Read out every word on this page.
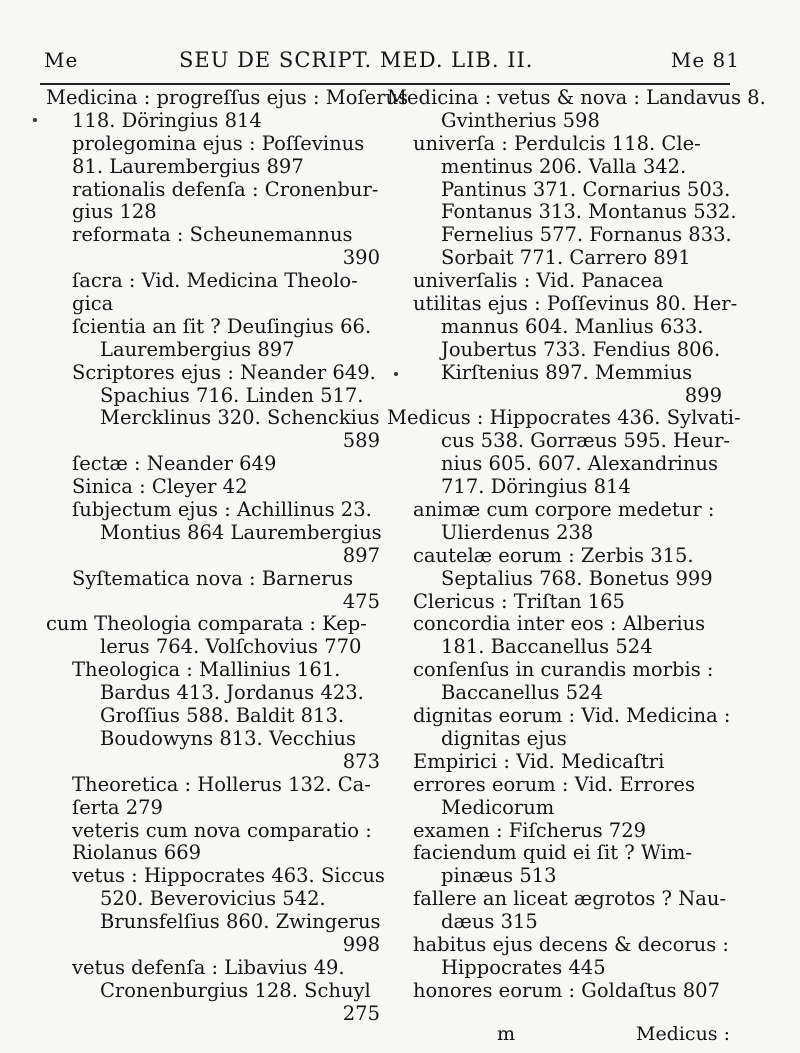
Me	SEU DE SCRIPT. MED. LIB. II.	Me 81
Medicina : progreſſus ejus : Moſerus
118. Döringius 814
prolegomina ejus : Poſſevinus
81. Laurembergius 897
rationalis defenſa : Cronenbur-
gius 128
reformata : Scheunemannus
390
ſacra : Vid. Medicina Theolo-
gica
ſcientia an ſit ? Deuſingius 66.
Laurembergius 897
Scriptores ejus : Neander 649.
Spachius 716. Linden 517.
Mercklinus 320. Schenckius
589
ſectæ : Neander 649
Sinica : Cleyer 42
ſubjectum ejus : Achillinus 23.
Montius 864 Laurembergius
897
Syſtematica nova : Barnerus
475
cum Theologia comparata : Kep-
lerus 764. Volſchovius 770
Theologica : Mallinius 161.
Bardus 413. Jordanus 423.
Groſſius 588. Baldit 813.
Boudowyns 813. Vecchius
873
Theoretica : Hollerus 132. Ca-
ſerta 279
veteris cum nova comparatio :
Riolanus 669
vetus : Hippocrates 463. Siccus
520. Beverovicius 542.
Brunsfelſius 860. Zwingerus
998
vetus defenſa : Libavius 49.
Cronenburgius 128. Schuyl
275
Medicina : vetus & nova : Landavus 8.
Gvintherius 598
univerſa : Perdulcis 118. Cle-
mentinus 206. Valla 342.
Pantinus 371. Cornarius 503.
Fontanus 313. Montanus 532.
Fernelius 577. Fornanus 833.
Sorbait 771. Carrero 891
univerſalis : Vid. Panacea
utilitas ejus : Poſſevinus 80. Her-
mannus 604. Manlius 633.
Joubertus 733. Fendius 806.
Kirſtenius 897. Memmius
899
Medicus : Hippocrates 436. Sylvati-
cus 538. Gorræus 595. Heur-
nius 605. 607. Alexandrinus
717. Döringius 814
animæ cum corpore medetur :
Ulierdenus 238
cautelæ eorum : Zerbis 315.
Septalius 768. Bonetus 999
Clericus : Triſtan 165
concordia inter eos : Alberius
181. Baccanellus 524
conſenſus in curandis morbis :
Baccanellus 524
dignitas eorum : Vid. Medicina :
dignitas ejus
Empirici : Vid. Medicaſtri
errores eorum : Vid. Errores
Medicorum
examen : Fiſcherus 729
faciendum quid ei ſit ? Wim-
pinæus 513
fallere an liceat ægrotos ? Nau-
dæus 315
habitus ejus decens & decorus :
Hippocrates 445
honores eorum : Goldaſtus 807
m	Medicus :
